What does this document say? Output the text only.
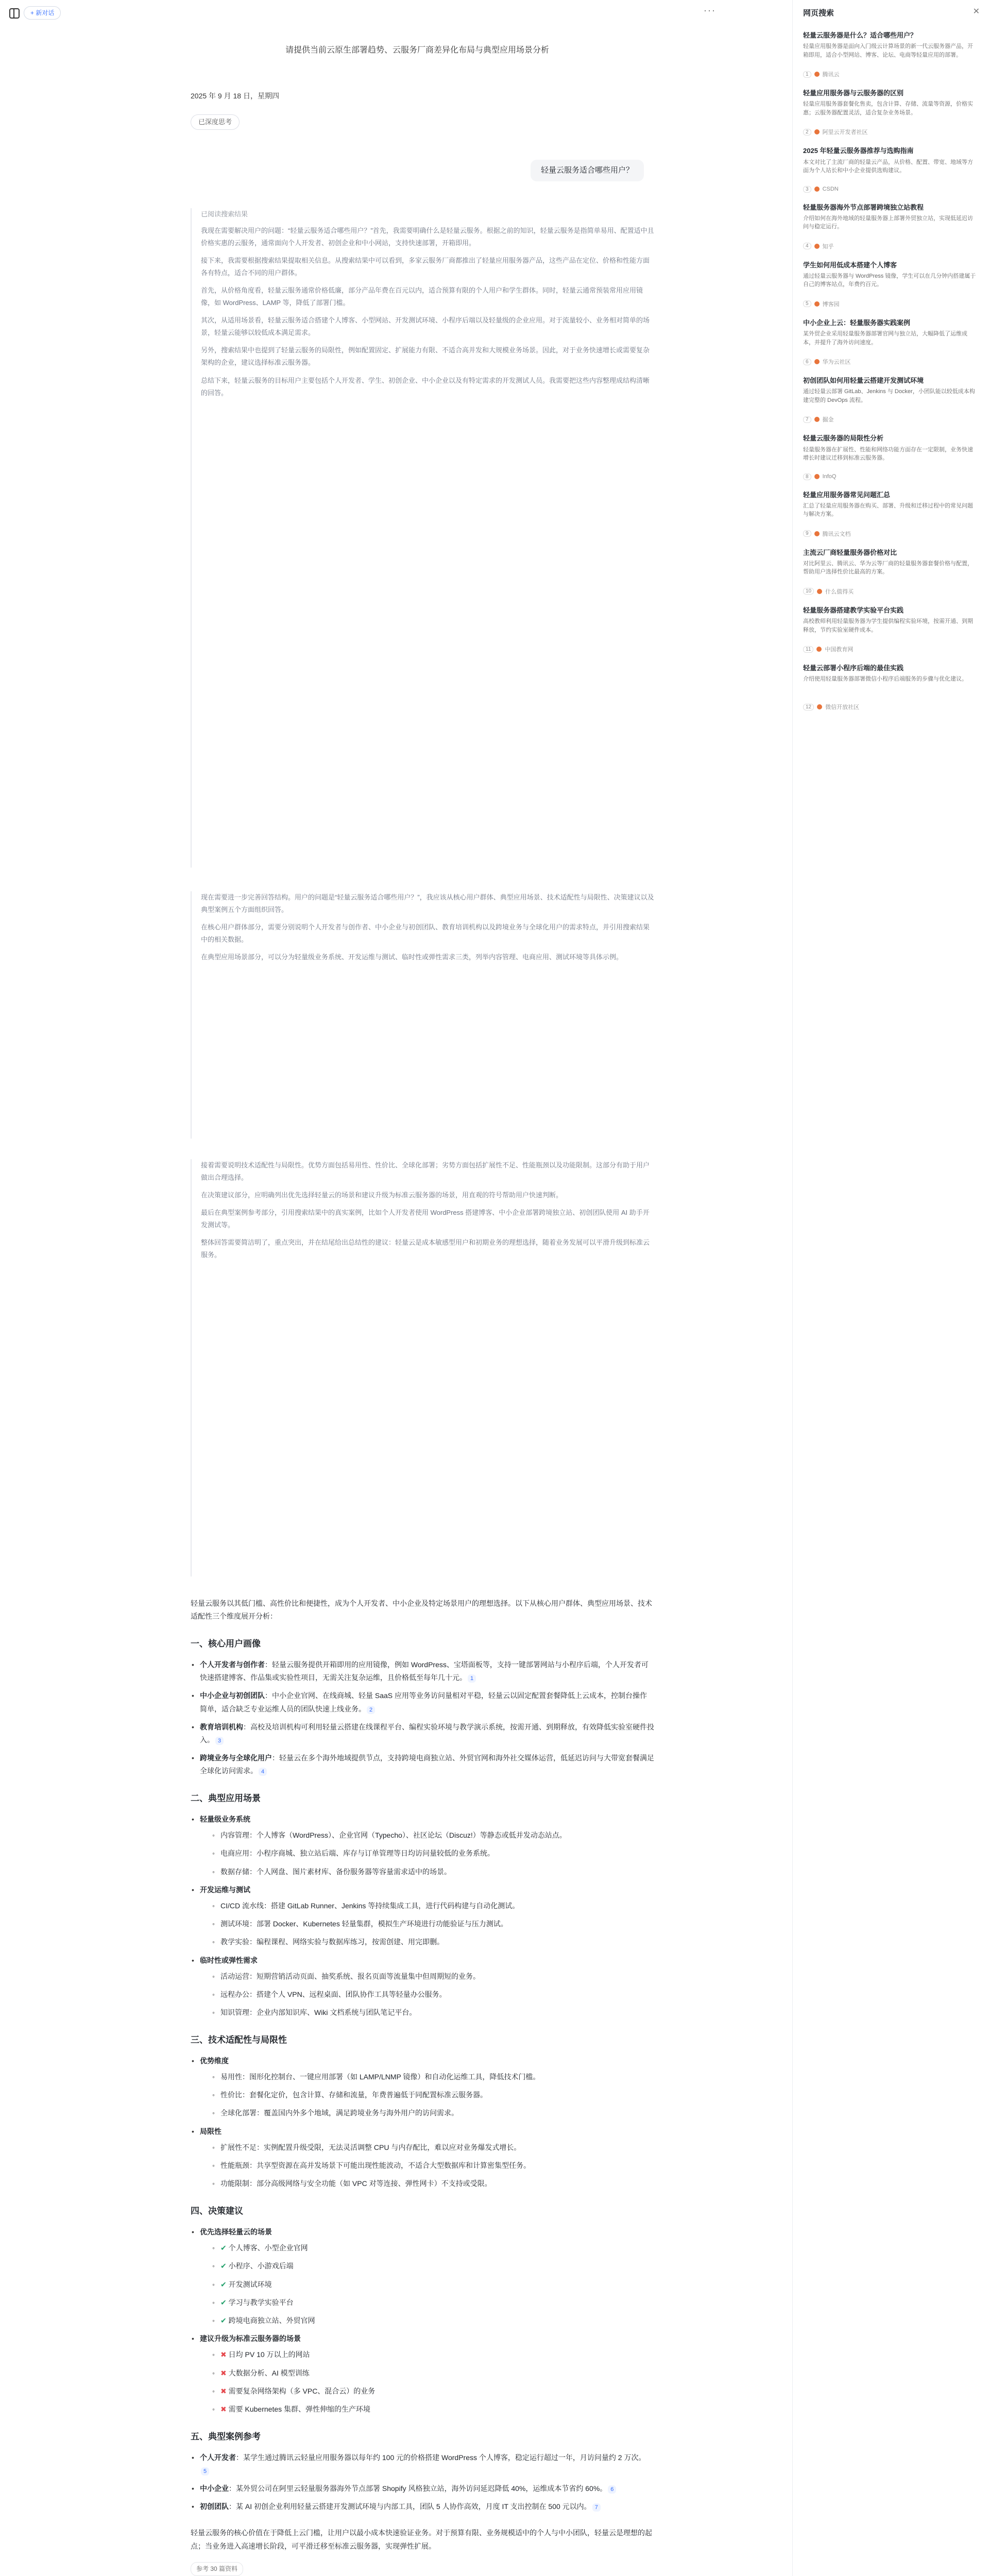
+ 新对话	···
请提供当前云原生部署趋势、云服务厂商差异化布局与典型应用场景分析
2025 年 9 月 18 日，星期四
已深度思考
轻量云服务适合哪些用户？
已阅读搜索结果

我现在需要解决用户的问题：“轻量云服务适合哪些用户？”首先，我需要明确什么是轻量云服务。根据之前的知识，轻量云服务是指简单易用、配置适中且价格实惠的云服务，通常面向个人开发者、初创企业和中小网站，支持快速部署，开箱即用。

接下来，我需要根据搜索结果提取相关信息。从搜索结果中可以看到，多家云服务厂商都推出了轻量应用服务器产品，这些产品在定位、价格和性能方面各有特点，适合不同的用户群体。

首先，从价格角度看，轻量云服务通常价格低廉，部分产品年费在百元以内，适合预算有限的个人用户和学生群体。同时，轻量云通常预装常用应用镜像，如 WordPress、LAMP 等，降低了部署门槛。

其次，从适用场景看，轻量云服务适合搭建个人博客、小型网站、开发测试环境、小程序后端以及轻量级的企业应用。对于流量较小、业务相对简单的场景，轻量云能够以较低成本满足需求。

另外，搜索结果中也提到了轻量云服务的局限性，例如配置固定、扩展能力有限、不适合高并发和大规模业务场景。因此，对于业务快速增长或需要复杂架构的企业，建议选择标准云服务器。

总结下来，轻量云服务的目标用户主要包括个人开发者、学生、初创企业、中小企业以及有特定需求的开发测试人员。我需要把这些内容整理成结构清晰的回答。

现在需要进一步完善回答结构。用户的问题是“轻量云服务适合哪些用户？”，我应该从核心用户群体、典型应用场景、技术适配性与局限性、决策建议以及典型案例五个方面组织回答。

在核心用户群体部分，需要分别说明个人开发者与创作者、中小企业与初创团队、教育培训机构以及跨境业务与全球化用户的需求特点，并引用搜索结果中的相关数据。

在典型应用场景部分，可以分为轻量级业务系统、开发运维与测试、临时性或弹性需求三类，列举内容管理、电商应用、测试环境等具体示例。

接着需要说明技术适配性与局限性。优势方面包括易用性、性价比、全球化部署；劣势方面包括扩展性不足、性能瓶颈以及功能限制。这部分有助于用户做出合理选择。

在决策建议部分，应明确列出优先选择轻量云的场景和建议升级为标准云服务器的场景，用直观的符号帮助用户快速判断。

最后在典型案例参考部分，引用搜索结果中的真实案例，比如个人开发者使用 WordPress 搭建博客、中小企业部署跨境独立站、初创团队使用 AI 助手开发测试等。

整体回答需要简洁明了，重点突出，并在结尾给出总结性的建议：轻量云是成本敏感型用户和初期业务的理想选择，随着业务发展可以平滑升级到标准云服务。

轻量云服务以其低门槛、高性价比和便捷性，成为个人开发者、中小企业及特定场景用户的理想选择。以下从核心用户群体、典型应用场景、技术适配性三个维度展开分析：

一、核心用户画像
• 个人开发者与创作者：轻量云服务提供开箱即用的应用镜像，例如 WordPress、宝塔面板等，支持一键部署网站与小程序后端，个人开发者可快速搭建博客、作品集或实验性项目，无需关注复杂运维，且价格低至每年几十元。 1
• 中小企业与初创团队：中小企业官网、在线商城、轻量 SaaS 应用等业务访问量相对平稳，轻量云以固定配置套餐降低上云成本，控制台操作简单，适合缺乏专业运维人员的团队快速上线业务。 2
• 教育培训机构：高校及培训机构可利用轻量云搭建在线课程平台、编程实验环境与教学演示系统，按需开通、到期释放，有效降低实验室硬件投入。 3
• 跨境业务与全球化用户：轻量云在多个海外地域提供节点，支持跨境电商独立站、外贸官网和海外社交媒体运营，低延迟访问与大带宽套餐满足全球化访问需求。 4
二、典型应用场景
• 轻量级业务系统
◦ 内容管理：个人博客（WordPress）、企业官网（Typecho）、社区论坛（Discuz!）等静态或低并发动态站点。
◦ 电商应用：小程序商城、独立站后端、库存与订单管理等日均访问量较低的业务系统。
◦ 数据存储：个人网盘、图片素材库、备份服务器等容量需求适中的场景。
• 开发运维与测试
◦ CI/CD 流水线：搭建 GitLab Runner、Jenkins 等持续集成工具，进行代码构建与自动化测试。
◦ 测试环境：部署 Docker、Kubernetes 轻量集群，模拟生产环境进行功能验证与压力测试。
◦ 教学实验：编程课程、网络实验与数据库练习，按需创建、用完即删。
• 临时性或弹性需求
◦ 活动运营：短期营销活动页面、抽奖系统、报名页面等流量集中但周期短的业务。
◦ 远程办公：搭建个人 VPN、远程桌面、团队协作工具等轻量办公服务。
◦ 知识管理：企业内部知识库、Wiki 文档系统与团队笔记平台。
三、技术适配性与局限性
• 优势维度
◦ 易用性：图形化控制台、一键应用部署（如 LAMP/LNMP 镜像）和自动化运维工具，降低技术门槛。
◦ 性价比：套餐化定价，包含计算、存储和流量，年费普遍低于同配置标准云服务器。
◦ 全球化部署：覆盖国内外多个地域，满足跨境业务与海外用户的访问需求。
• 局限性
◦ 扩展性不足：实例配置升级受限，无法灵活调整 CPU 与内存配比，难以应对业务爆发式增长。
◦ 性能瓶颈：共享型资源在高并发场景下可能出现性能波动，不适合大型数据库和计算密集型任务。
◦ 功能限制：部分高级网络与安全功能（如 VPC 对等连接、弹性网卡）不支持或受限。
四、决策建议
• 优先选择轻量云的场景
◦ ✔ 个人博客、小型企业官网
◦ ✔ 小程序、小游戏后端
◦ ✔ 开发测试环境
◦ ✔ 学习与教学实验平台
◦ ✔ 跨境电商独立站、外贸官网
• 建议升级为标准云服务器的场景
◦ ✖ 日均 PV 10 万以上的网站
◦ ✖ 大数据分析、AI 模型训练
◦ ✖ 需要复杂网络架构（多 VPC、混合云）的业务
◦ ✖ 需要 Kubernetes 集群、弹性伸缩的生产环境
五、典型案例参考
• 个人开发者：某学生通过腾讯云轻量应用服务器以每年约 100 元的价格搭建 WordPress 个人博客，稳定运行超过一年，月访问量约 2 万次。5
• 中小企业：某外贸公司在阿里云轻量服务器海外节点部署 Shopify 风格独立站，海外访问延迟降低 40%，运维成本节省约 60%。 6
• 初创团队：某 AI 初创企业利用轻量云搭建开发测试环境与内部工具，团队 5 人协作高效，月度 IT 支出控制在 500 元以内。 7

轻量云服务的核心价值在于降低上云门槛，让用户以最小成本快速验证业务。对于预算有限、业务规模适中的个人与中小团队，轻量云是理想的起点；当业务进入高速增长阶段，可平滑迁移至标准云服务器，实现弹性扩展。

参考 30 篇资料
网页搜索	✕
轻量云服务器是什么？适合哪些用户？
轻量应用服务器是面向入门级云计算场景的新一代云服务器产品，开箱即用，适合小型网站、博客、论坛、电商等轻量应用的部署。
1	腾讯云
轻量应用服务器与云服务器的区别
轻量应用服务器套餐化售卖，包含计算、存储、流量等资源，价格实惠；云服务器配置灵活，适合复杂业务场景。
2	阿里云开发者社区
2025 年轻量云服务器推荐与选购指南
本文对比了主流厂商的轻量云产品，从价格、配置、带宽、地域等方面为个人站长和中小企业提供选购建议。
3	CSDN
轻量服务器海外节点部署跨境独立站教程
介绍如何在海外地域的轻量服务器上部署外贸独立站，实现低延迟访问与稳定运行。
4	知乎
学生如何用低成本搭建个人博客
通过轻量云服务器与 WordPress 镜像，学生可以在几分钟内搭建属于自己的博客站点，年费约百元。
5	博客园
中小企业上云：轻量服务器实践案例
某外贸企业采用轻量服务器部署官网与独立站，大幅降低了运维成本，并提升了海外访问速度。
6	华为云社区
初创团队如何用轻量云搭建开发测试环境
通过轻量云部署 GitLab、Jenkins 与 Docker，小团队能以较低成本构建完整的 DevOps 流程。
7	掘金
轻量云服务器的局限性分析
轻量服务器在扩展性、性能和网络功能方面存在一定限制，业务快速增长时建议迁移到标准云服务器。
8	InfoQ
轻量应用服务器常见问题汇总
汇总了轻量应用服务器在购买、部署、升级和迁移过程中的常见问题与解决方案。
9	腾讯云文档
主流云厂商轻量服务器价格对比
对比阿里云、腾讯云、华为云等厂商的轻量服务器套餐价格与配置，帮助用户选择性价比最高的方案。
10	什么值得买
轻量服务器搭建教学实验平台实践
高校教师利用轻量服务器为学生提供编程实验环境，按需开通、到期释放，节约实验室硬件成本。
11	中国教育网
轻量云部署小程序后端的最佳实践
介绍使用轻量服务器部署微信小程序后端服务的步骤与优化建议。
12	微信开放社区
